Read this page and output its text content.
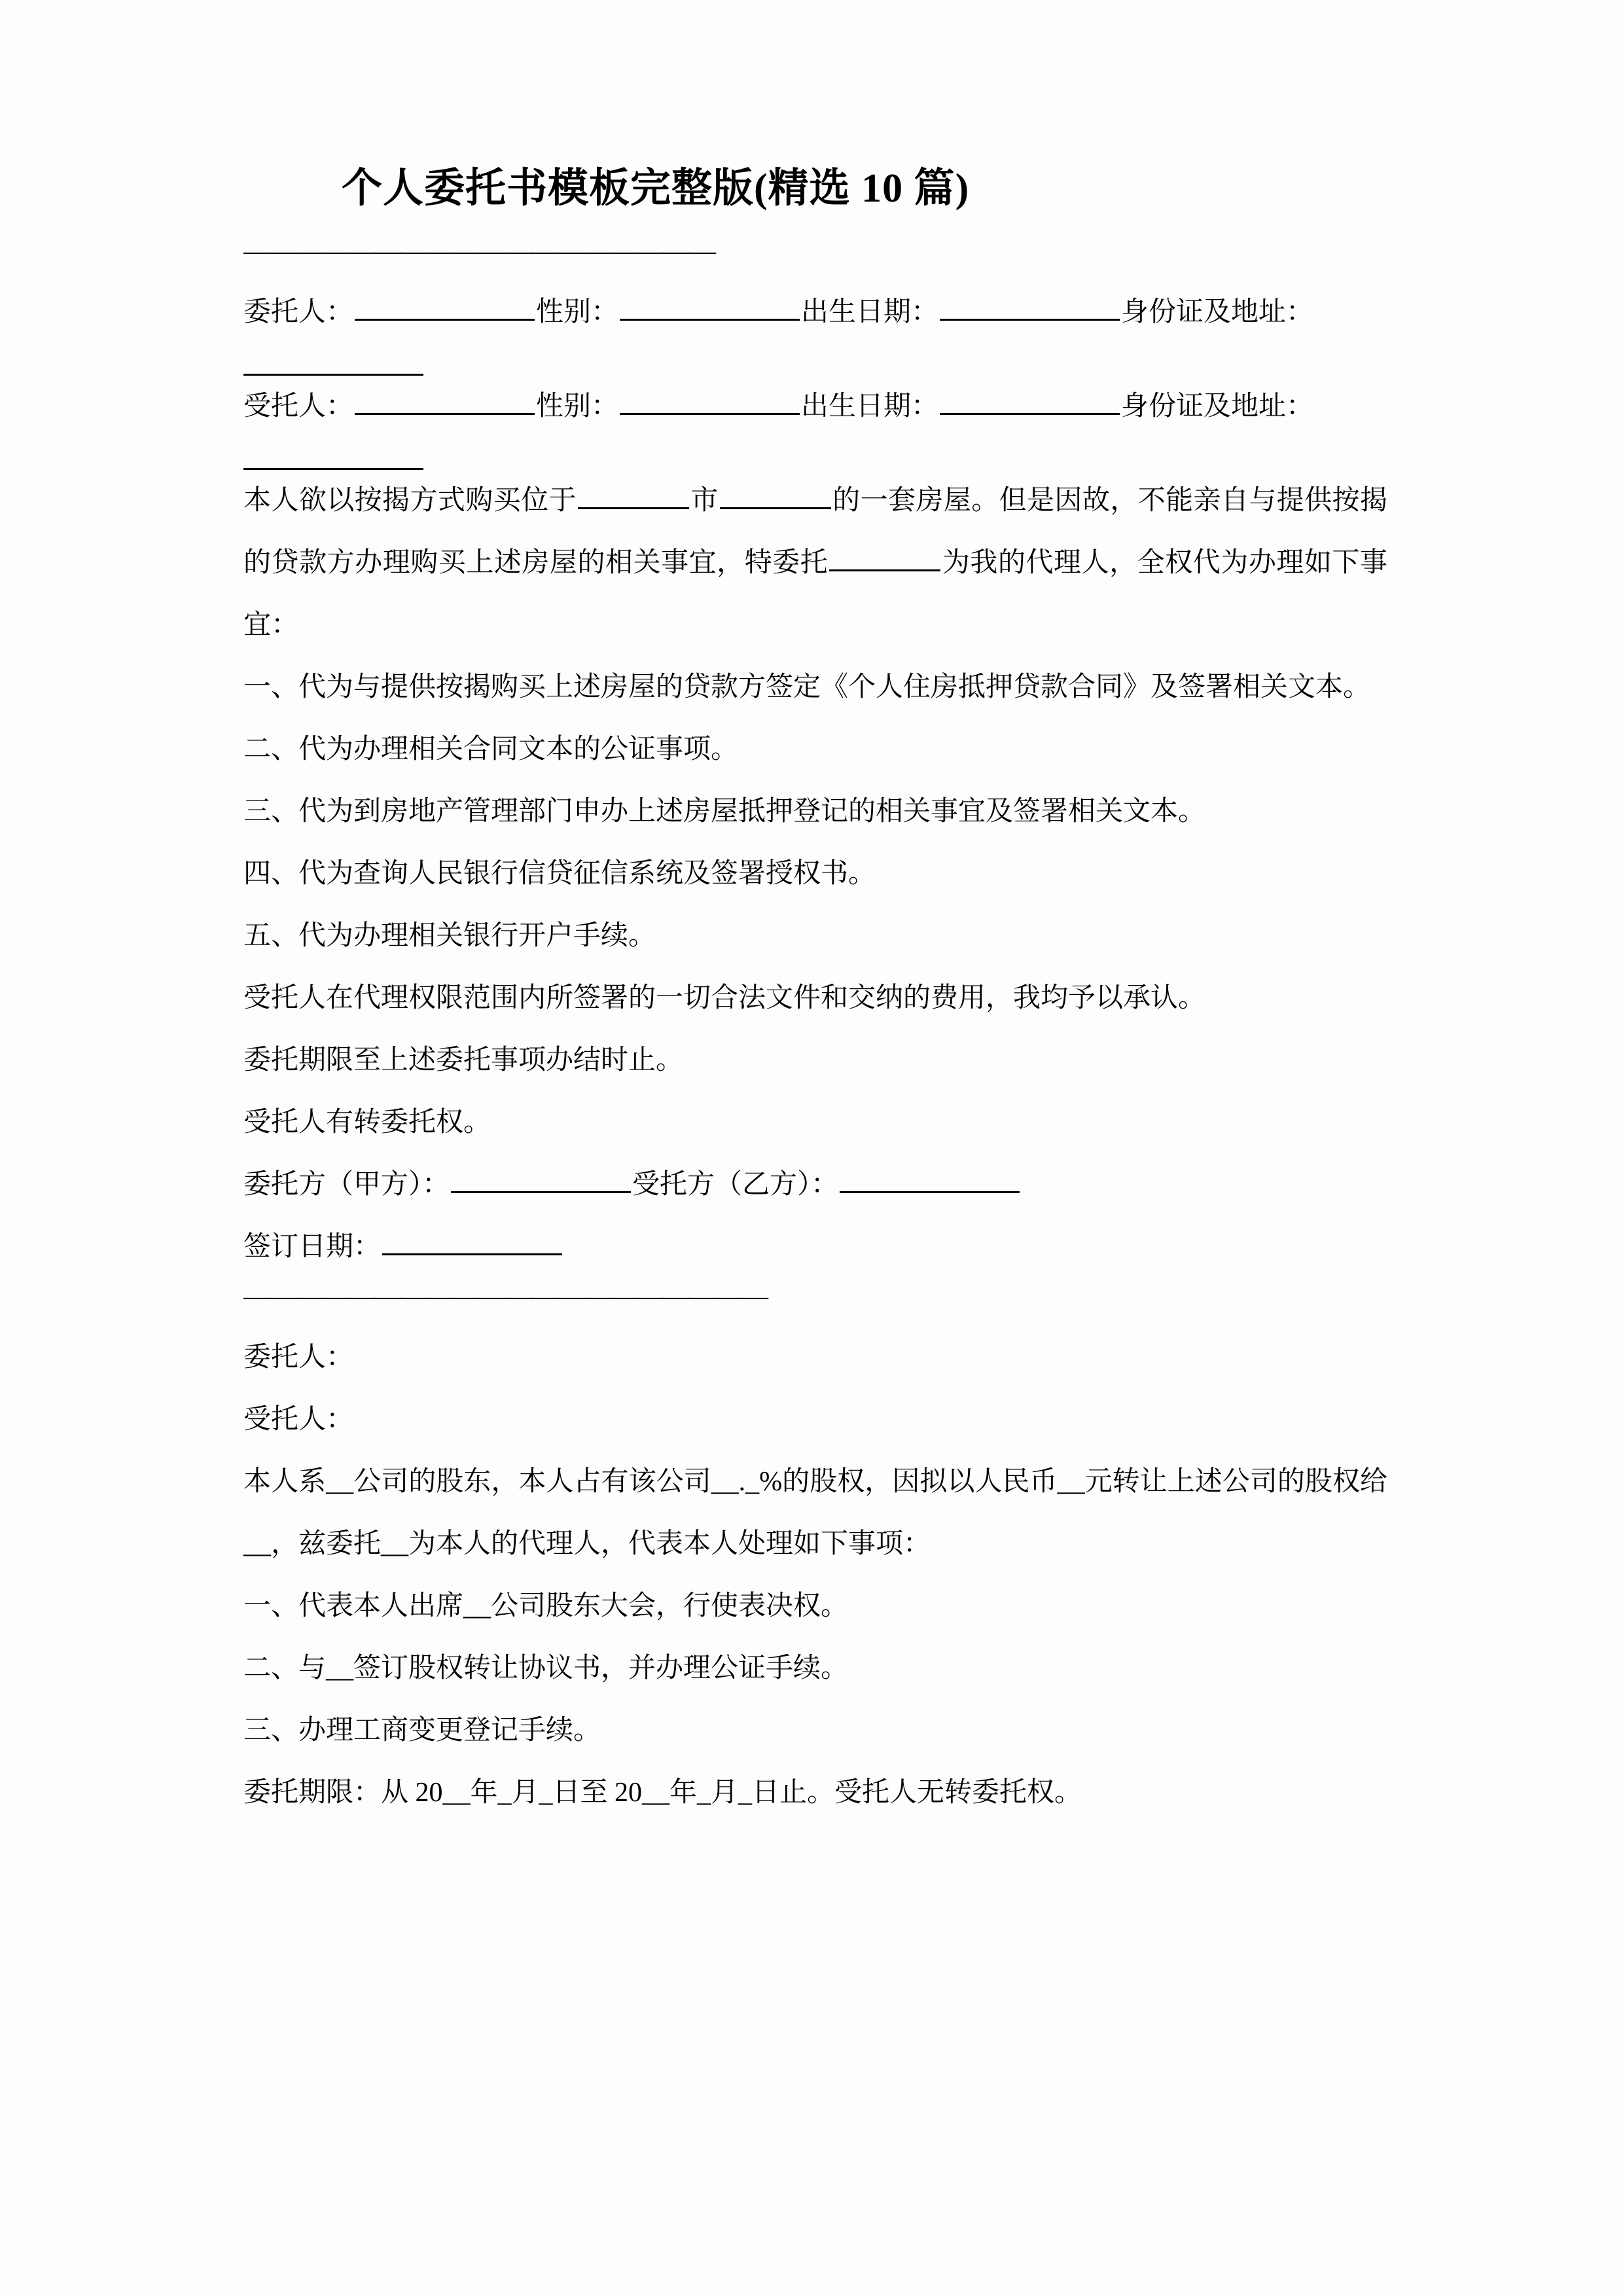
个人委托书模板完整版(精选 10 篇)
——————————————————

委托人：	性别：	出生日期：	身份证及地址：

受托人：	性别：	出生日期：	身份证及地址：

本人欲以按揭方式购买位于	市	的一套房屋。但是因故，不能亲自与提供按揭的贷款方办理购买上述房屋的相关事宜，特委托	为我的代理人，全权代为办理如下事宜：

一、代为与提供按揭购买上述房屋的贷款方签定《个人住房抵押贷款合同》及签署相关文本。

二、代为办理相关合同文本的公证事项。

三、代为到房地产管理部门申办上述房屋抵押登记的相关事宜及签署相关文本。

四、代为查询人民银行信贷征信系统及签署授权书。

五、代为办理相关银行开户手续。

受托人在代理权限范围内所签署的一切合法文件和交纳的费用，我均予以承认。

委托期限至上述委托事项办结时止。

受托人有转委托权。

委托方（甲方）：	受托方（乙方）：

签订日期：

————————————————————

委托人：

受托人：

本人系__公司的股东，本人占有该公司__._%的股权，因拟以人民币__元转让上述公司的股权给__，兹委托__为本人的代理人，代表本人处理如下事项：

一、代表本人出席__公司股东大会，行使表决权。

二、与__签订股权转让协议书，并办理公证手续。

三、办理工商变更登记手续。

委托期限：从 20__年_月_日至 20__年_月_日止。受托人无转委托权。
